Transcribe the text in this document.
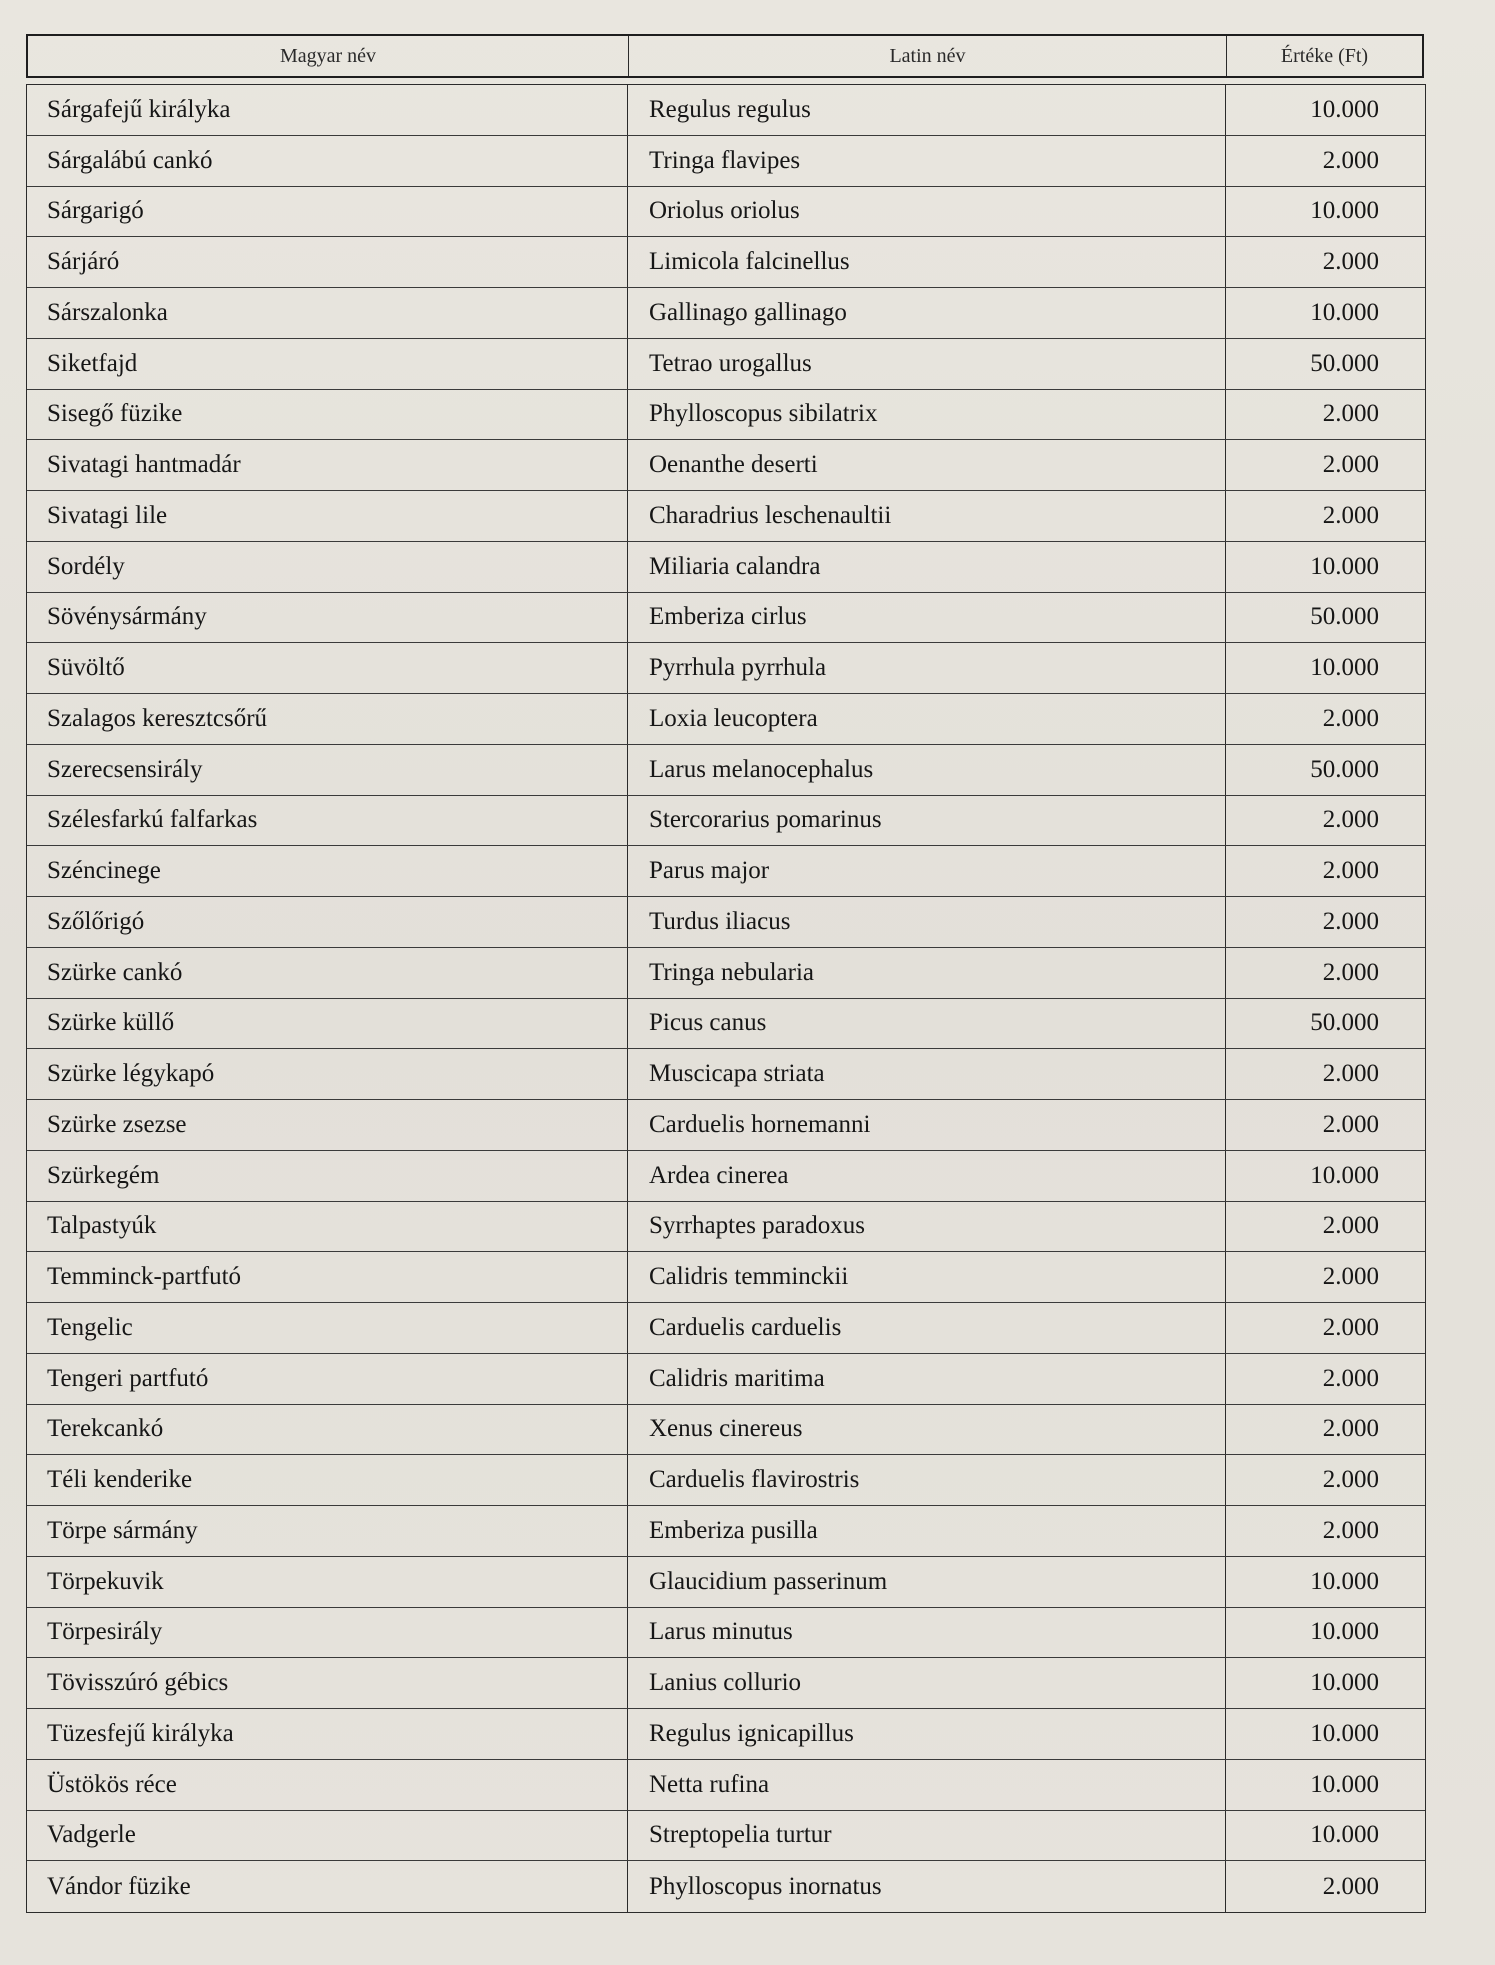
Magyar név	Latin név	Értéke (Ft)
Sárgafejű királyka	Regulus regulus	10.000
Sárgalábú cankó	Tringa flavipes	2.000
Sárgarigó	Oriolus oriolus	10.000
Sárjáró	Limicola falcinellus	2.000
Sárszalonka	Gallinago gallinago	10.000
Siketfajd	Tetrao urogallus	50.000
Sisegő füzike	Phylloscopus sibilatrix	2.000
Sivatagi hantmadár	Oenanthe deserti	2.000
Sivatagi lile	Charadrius leschenaultii	2.000
Sordély	Miliaria calandra	10.000
Sövénysármány	Emberiza cirlus	50.000
Süvöltő	Pyrrhula pyrrhula	10.000
Szalagos keresztcsőrű	Loxia leucoptera	2.000
Szerecsensirály	Larus melanocephalus	50.000
Szélesfarkú falfarkas	Stercorarius pomarinus	2.000
Széncinege	Parus major	2.000
Szőlőrigó	Turdus iliacus	2.000
Szürke cankó	Tringa nebularia	2.000
Szürke küllő	Picus canus	50.000
Szürke légykapó	Muscicapa striata	2.000
Szürke zsezse	Carduelis hornemanni	2.000
Szürkegém	Ardea cinerea	10.000
Talpastyúk	Syrrhaptes paradoxus	2.000
Temminck-partfutó	Calidris temminckii	2.000
Tengelic	Carduelis carduelis	2.000
Tengeri partfutó	Calidris maritima	2.000
Terekcankó	Xenus cinereus	2.000
Téli kenderike	Carduelis flavirostris	2.000
Törpe sármány	Emberiza pusilla	2.000
Törpekuvik	Glaucidium passerinum	10.000
Törpesirály	Larus minutus	10.000
Tövisszúró gébics	Lanius collurio	10.000
Tüzesfejű királyka	Regulus ignicapillus	10.000
Üstökös réce	Netta rufina	10.000
Vadgerle	Streptopelia turtur	10.000
Vándor füzike	Phylloscopus inornatus	2.000
